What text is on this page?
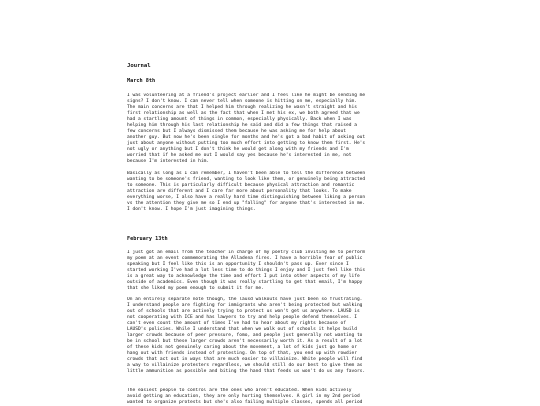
Journal
March 8th
I was volunteering at a friend's project earlier and I feel like he might be sending me
signs? I don't know. I can never tell when someone is hitting on me, especially him.
The main concerns are that I helped him through realizing he wasn't straight and his
first relationship as well as the fact that when I met his ex, we both agreed that we
had a startling amount of things in common, especially physically. Back when I was
helping him through his last relationship he said and did a few things that raised a
few concerns but I always dismissed them because he was asking me for help about
another guy. But now he's been single for months and he's got a bad habit of asking out
just about anyone without putting too much effort into getting to know them first. He's
not ugly or anything but I don't think he would get along with my friends and I'm
worried that if he asked me out I would say yes because he's interested in me, not
because I'm interested in him.
Basically as long as I can remember, I haven't been able to tell the difference between
wanting to be someone's friend, wanting to look like them, or genuinely being attracted
to someone. This is particularly difficult because physical attraction and romantic
attraction are different and I care far more about personality that looks. To make
everything worse, I also have a really hard time distinguishing between liking a person
vs the attention they give me so I end up "falling" for anyone that's interested in me.
I don't know. I hope I'm just imagining things.
February 13th
I just got an email from the teacher in charge of my poetry club inviting me to perform
my poem at an event commemorating the Alladena fires. I have a horrible fear of public
speaking but I feel like this is an opportunity I shouldn't pass up. Ever since I
started working I've had a lot less time to do things I enjoy and I just feel like this
is a great way to acknowledge the time and effort I put into other aspects of my life
outside of academics. Even though it was really startling to get that email, I'm happy
that she liked my poem enough to submit it for me.
On an entirely separate note though, the lausd walkouts have just been so frustrating.
I understand people are fighting for immigrants who aren't being protected but walking
out of schools that are actively trying to protect us won't get us anywhere. LAUSD is
not cooperating with ICE and has lawyers to try and help people defend themselves. I
can't even count the amount of times I've had to hear about my rights because of
LAUSD's policies. While I understand that when we walk out of schools it helps build
larger crowds because of peer pressure, fomo, and people just generally not wanting to
be in school but these larger crowds aren't necessarily worth it. As a result of a lot
of these kids not genuinely caring about the movement, a lot of kids just go home or
hang out with friends instead of protesting. On top of that, you end up with rowdier
crowds that act out in ways that are much easier to villainize. White people will find
a way to villainize protesters regardless, we should still do our best to give them as
little ammunition as possible and biting the hand that feeds us won't do us any favors.
The easiest people to control are the ones who aren't educated. When kids actively
avoid getting an education, they are only hurting themselves. A girl in my 2nd period
wanted to organize protests but she's also failing multiple classes, spends all period
